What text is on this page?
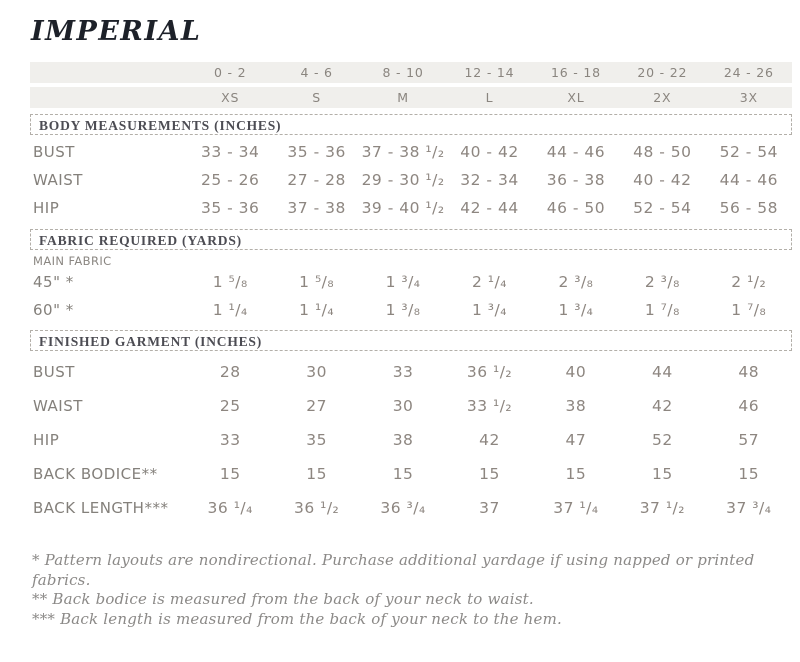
IMPERIAL
0 - 2	4 - 6	8 - 10	12 - 14	16 - 18	20 - 22	24 - 26
XS	S	M	L	XL	2X	3X
BODY MEASUREMENTS (INCHES)
BUST	33 - 34	35 - 36	37 - 38 ¹/₂	40 - 42	44 - 46	48 - 50	52 - 54
WAIST	25 - 26	27 - 28	29 - 30 ¹/₂	32 - 34	36 - 38	40 - 42	44 - 46
HIP	35 - 36	37 - 38	39 - 40 ¹/₂	42 - 44	46 - 50	52 - 54	56 - 58
FABRIC REQUIRED (YARDS)
MAIN FABRIC
45" *	1 ⁵/₈	1 ⁵/₈	1 ³/₄	2 ¹/₄	2 ³/₈	2 ³/₈	2 ¹/₂
60" *	1 ¹/₄	1 ¹/₄	1 ³/₈	1 ³/₄	1 ³/₄	1 ⁷/₈	1 ⁷/₈
FINISHED GARMENT (INCHES)
BUST	28	30	33	36 ¹/₂	40	44	48
WAIST	25	27	30	33 ¹/₂	38	42	46
HIP	33	35	38	42	47	52	57
BACK BODICE**	15	15	15	15	15	15	15
BACK LENGTH***	36 ¹/₄	36 ¹/₂	36 ³/₄	37	37 ¹/₄	37 ¹/₂	37 ³/₄
* Pattern layouts are nondirectional. Purchase additional yardage if using napped or printed fabrics.
** Back bodice is measured from the back of your neck to waist.
*** Back length is measured from the back of your neck to the hem.
